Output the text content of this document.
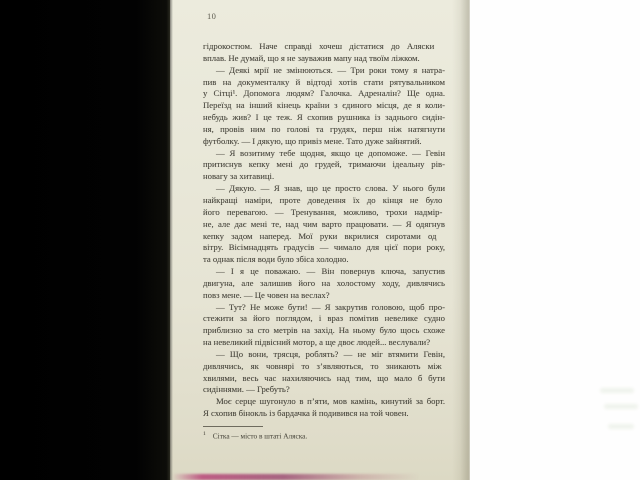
10
гідрокостюм. Наче справді хочеш дістатися до Аляски
вплав. Не думай, що я не зауважив мапу над твоїм ліжком.
— Деякі мрії не змінюються. — Три роки тому я натра-
пив на документалку й відтоді хотів стати рятувальником
у Сітці¹. Допомога людям? Галочка. Адреналін? Ще одна.
Переїзд на інший кінець країни з єдиного місця, де я коли-
небудь жив? І це теж. Я схопив рушника із заднього сидін-
ня, провів ним по голові та грудях, перш ніж натягнути
футболку. — І дякую, що привіз мене. Тато дуже зайнятий.
— Я возитиму тебе щодня, якщо це допоможе. — Гевін
притиснув кепку мені до грудей, тримаючи ідеальну рів-
новагу за хитавиці.
— Дякую. — Я знав, що це просто слова. У нього були
найкращі наміри, проте доведення їх до кінця не було
його перевагою. — Тренування, можливо, трохи надмір-
не, але дає мені те, над чим варто працювати. — Я одягнув
кепку задом наперед. Мої руки вкрилися сиротами од
вітру. Вісімнадцять градусів — чимало для цієї пори року,
та однак після води було збіса холодно.
— І я це поважаю. — Він повернув ключа, запустив
двигуна, але залишив його на холостому ходу, дивлячись
повз мене. — Це човен на веслах?
— Тут? Не може бути! — Я закрутив головою, щоб про-
стежити за його поглядом, і враз помітив невелике судно
приблизно за сто метрів на захід. На ньому було щось схоже
на невеликий підвісний мотор, а ще двоє людей... веслували?
— Що вони, трясця, роблять? — не міг втямити Гевін,
дивлячись, як човнярі то з’являються, то зникають між
хвилями, весь час нахиляючись над тим, що мало б бути
сидіннями. — Гребуть?
Моє серце шугонуло в п’яти, мов камінь, кинутий за борт.
Я схопив бінокль із бардачка й подивився на той човен.
$^1$ Сітка — місто в штаті Аляска.
